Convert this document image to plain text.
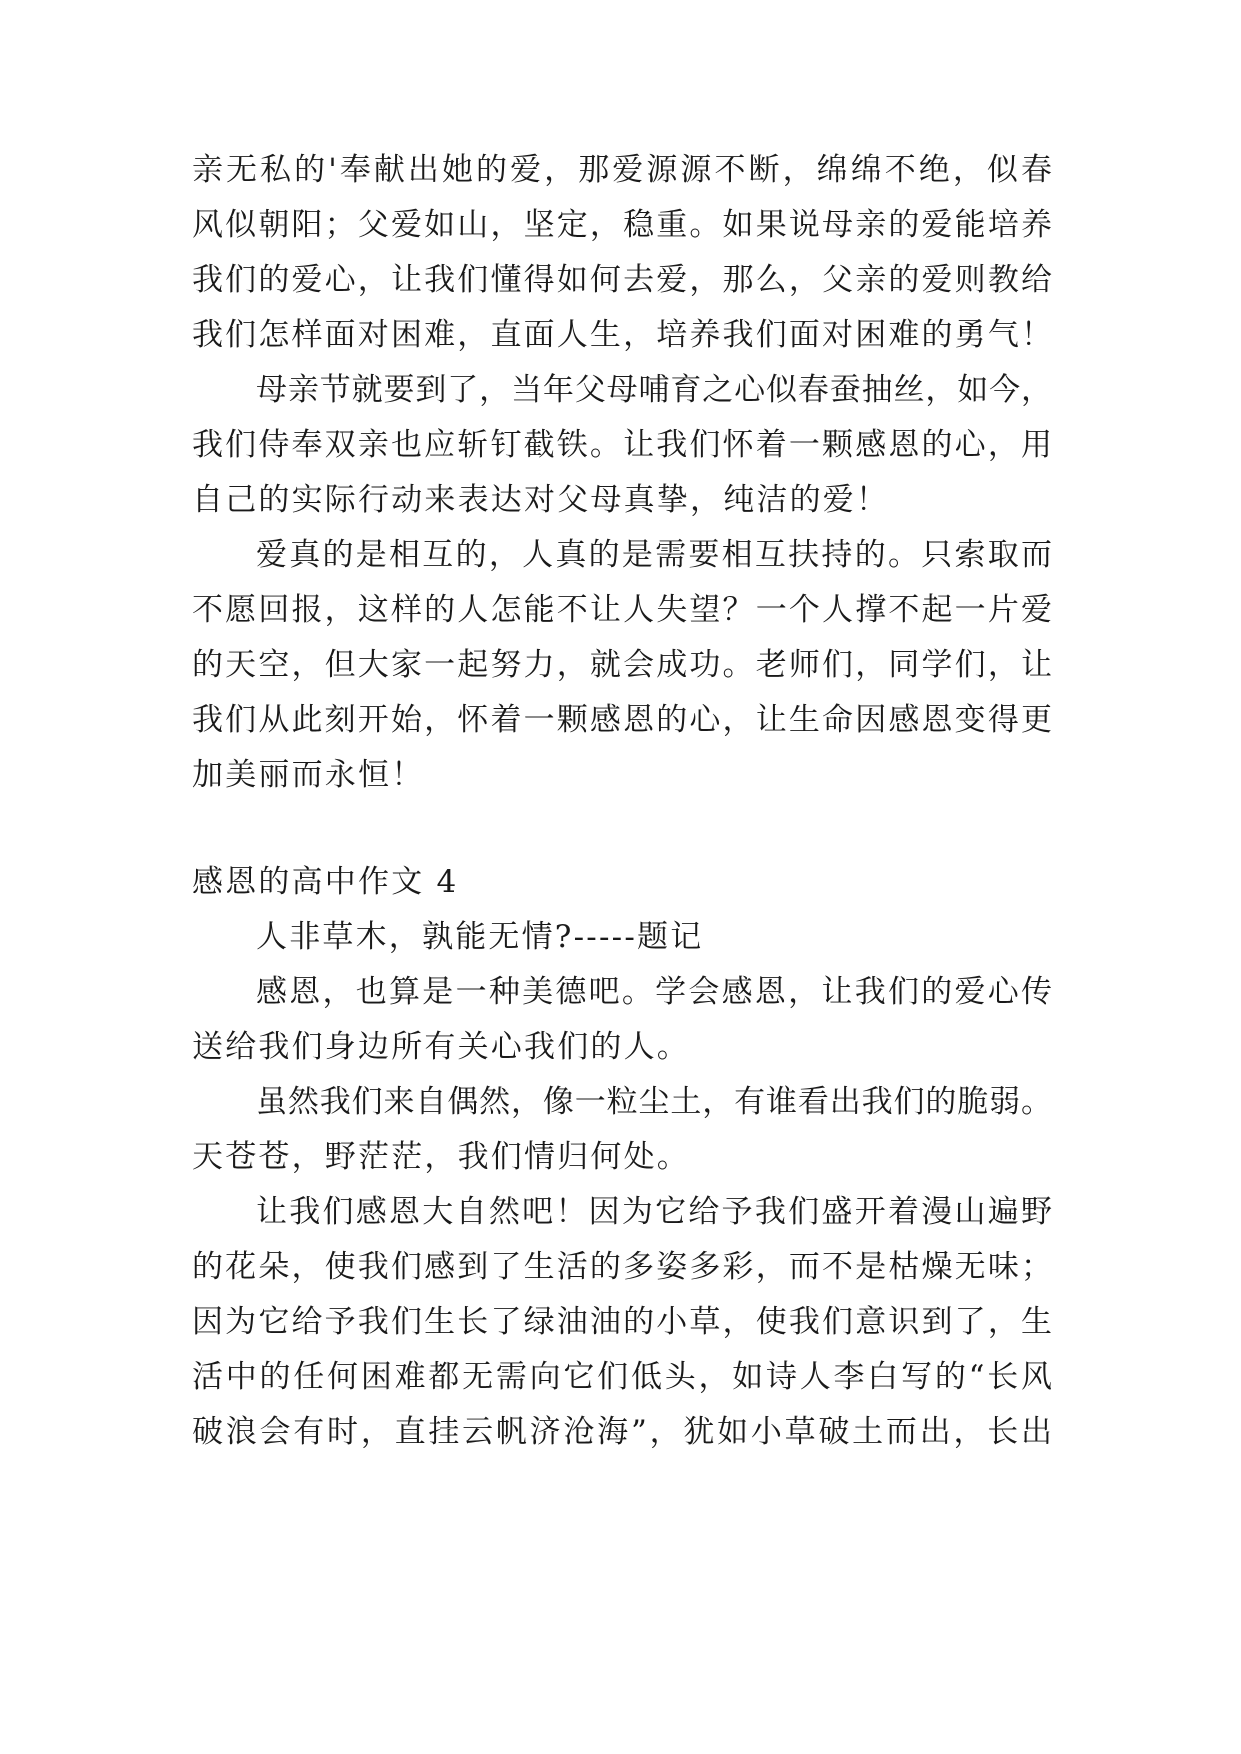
亲无私的'奉献出她的爱，那爱源源不断，绵绵不绝，似春
风似朝阳；父爱如山，坚定，稳重。如果说母亲的爱能培养
我们的爱心，让我们懂得如何去爱，那么，父亲的爱则教给
我们怎样面对困难，直面人生，培养我们面对困难的勇气！
母亲节就要到了，当年父母哺育之心似春蚕抽丝，如今，
我们侍奉双亲也应斩钉截铁。让我们怀着一颗感恩的心，用
自己的实际行动来表达对父母真挚，纯洁的爱！
爱真的是相互的，人真的是需要相互扶持的。只索取而
不愿回报，这样的人怎能不让人失望？一个人撑不起一片爱
的天空，但大家一起努力，就会成功。老师们，同学们，让
我们从此刻开始，怀着一颗感恩的心，让生命因感恩变得更
加美丽而永恒！
感恩的高中作文 4
人非草木，孰能无情?-----题记
感恩，也算是一种美德吧。学会感恩，让我们的爱心传
送给我们身边所有关心我们的人。
虽然我们来自偶然，像一粒尘土，有谁看出我们的脆弱。
天苍苍，野茫茫，我们情归何处。
让我们感恩大自然吧！因为它给予我们盛开着漫山遍野
的花朵，使我们感到了生活的多姿多彩，而不是枯燥无味；
因为它给予我们生长了绿油油的小草，使我们意识到了，生
活中的任何困难都无需向它们低头，如诗人李白写的“长风
破浪会有时，直挂云帆济沧海”，犹如小草破土而出，长出
